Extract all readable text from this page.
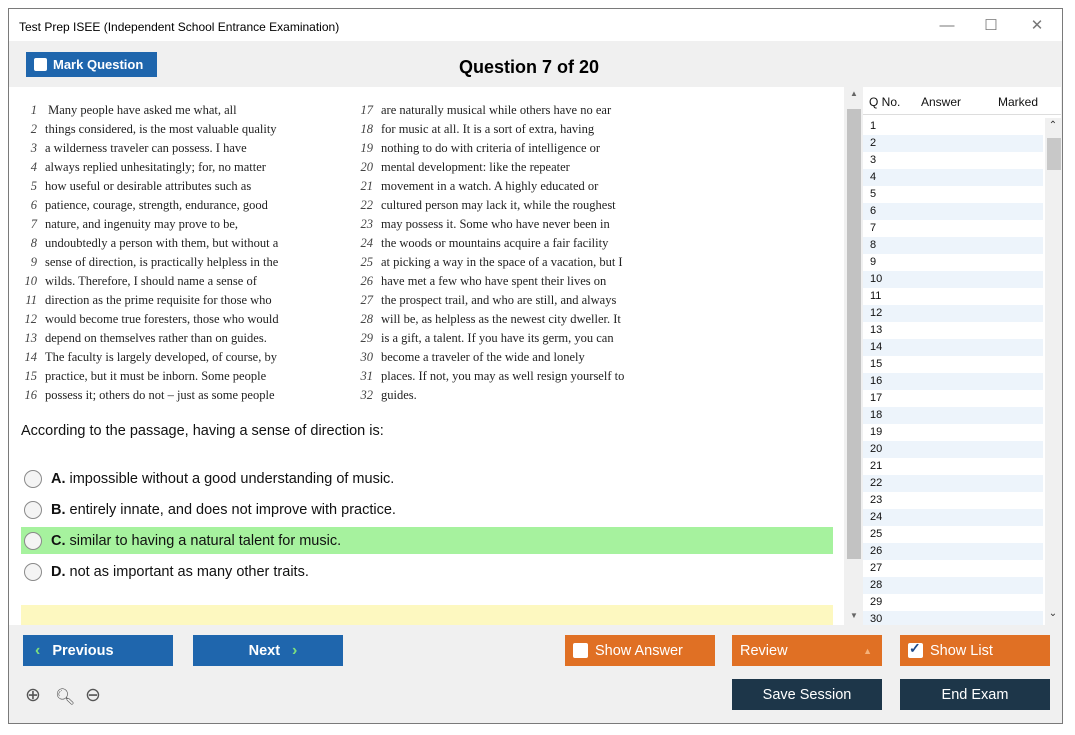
Test Prep ISEE (Independent School Entrance Examination)	—	☐	✕
Mark Question	Question 7 of 20
1 Many people have asked me what, all
2 things considered, is the most valuable quality
3 a wilderness traveler can possess. I have
4 always replied unhesitatingly; for, no matter
5 how useful or desirable attributes such as
6 patience, courage, strength, endurance, good
7 nature, and ingenuity may prove to be,
8 undoubtedly a person with them, but without a
9 sense of direction, is practically helpless in the
10 wilds. Therefore, I should name a sense of
11 direction as the prime requisite for those who
12 would become true foresters, those who would
13 depend on themselves rather than on guides.
14 The faculty is largely developed, of course, by
15 practice, but it must be inborn. Some people
16 possess it; others do not – just as some people
17 are naturally musical while others have no ear
18 for music at all. It is a sort of extra, having
19 nothing to do with criteria of intelligence or
20 mental development: like the repeater
21 movement in a watch. A highly educated or
22 cultured person may lack it, while the roughest
23 may possess it. Some who have never been in
24 the woods or mountains acquire a fair facility
25 at picking a way in the space of a vacation, but I
26 have met a few who have spent their lives on
27 the prospect trail, and who are still, and always
28 will be, as helpless as the newest city dweller. It
29 is a gift, a talent. If you have its germ, you can
30 become a traveler of the wide and lonely
31 places. If not, you may as well resign yourself to
32 guides.
According to the passage, having a sense of direction is:
A. impossible without a good understanding of music.
B. entirely innate, and does not improve with practice.
C. similar to having a natural talent for music.
D. not as important as many other traits.
▲
▼
Q No. Answer	Marked
1
2
3
4
5
6
7
8
9
10
11
12
13
14
15
16
17
18
19
20
21
22
23
24
25
26
27
28
29
30
⌃
⌄
‹ Previous	Next ›	Show Answer	Review	▲
✓	Show List
Save Session	End Exam
⊕ 🔍︎ ⊖
